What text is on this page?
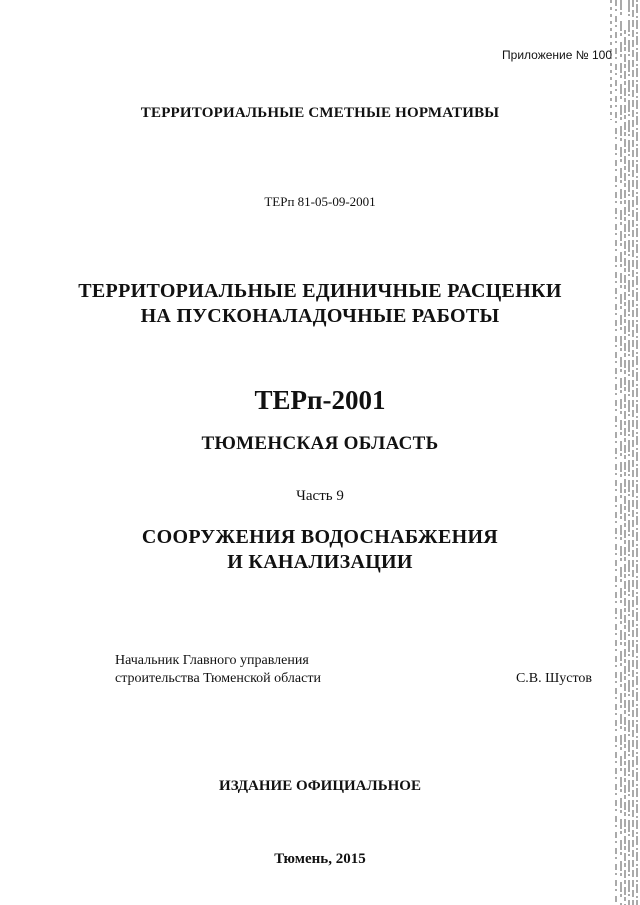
Приложение № 100
ТЕРРИТОРИАЛЬНЫЕ СМЕТНЫЕ НОРМАТИВЫ
ТЕРп 81-05-09-2001
ТЕРРИТОРИАЛЬНЫЕ ЕДИНИЧНЫЕ РАСЦЕНКИ
НА ПУСКОНАЛАДОЧНЫЕ РАБОТЫ
ТЕРп-2001
ТЮМЕНСКАЯ ОБЛАСТЬ
Часть 9
СООРУЖЕНИЯ ВОДОСНАБЖЕНИЯ
И КАНАЛИЗАЦИИ
Начальник Главного управления
строительства Тюменской области	С.В. Шустов
ИЗДАНИЕ ОФИЦИАЛЬНОЕ
Тюмень, 2015
